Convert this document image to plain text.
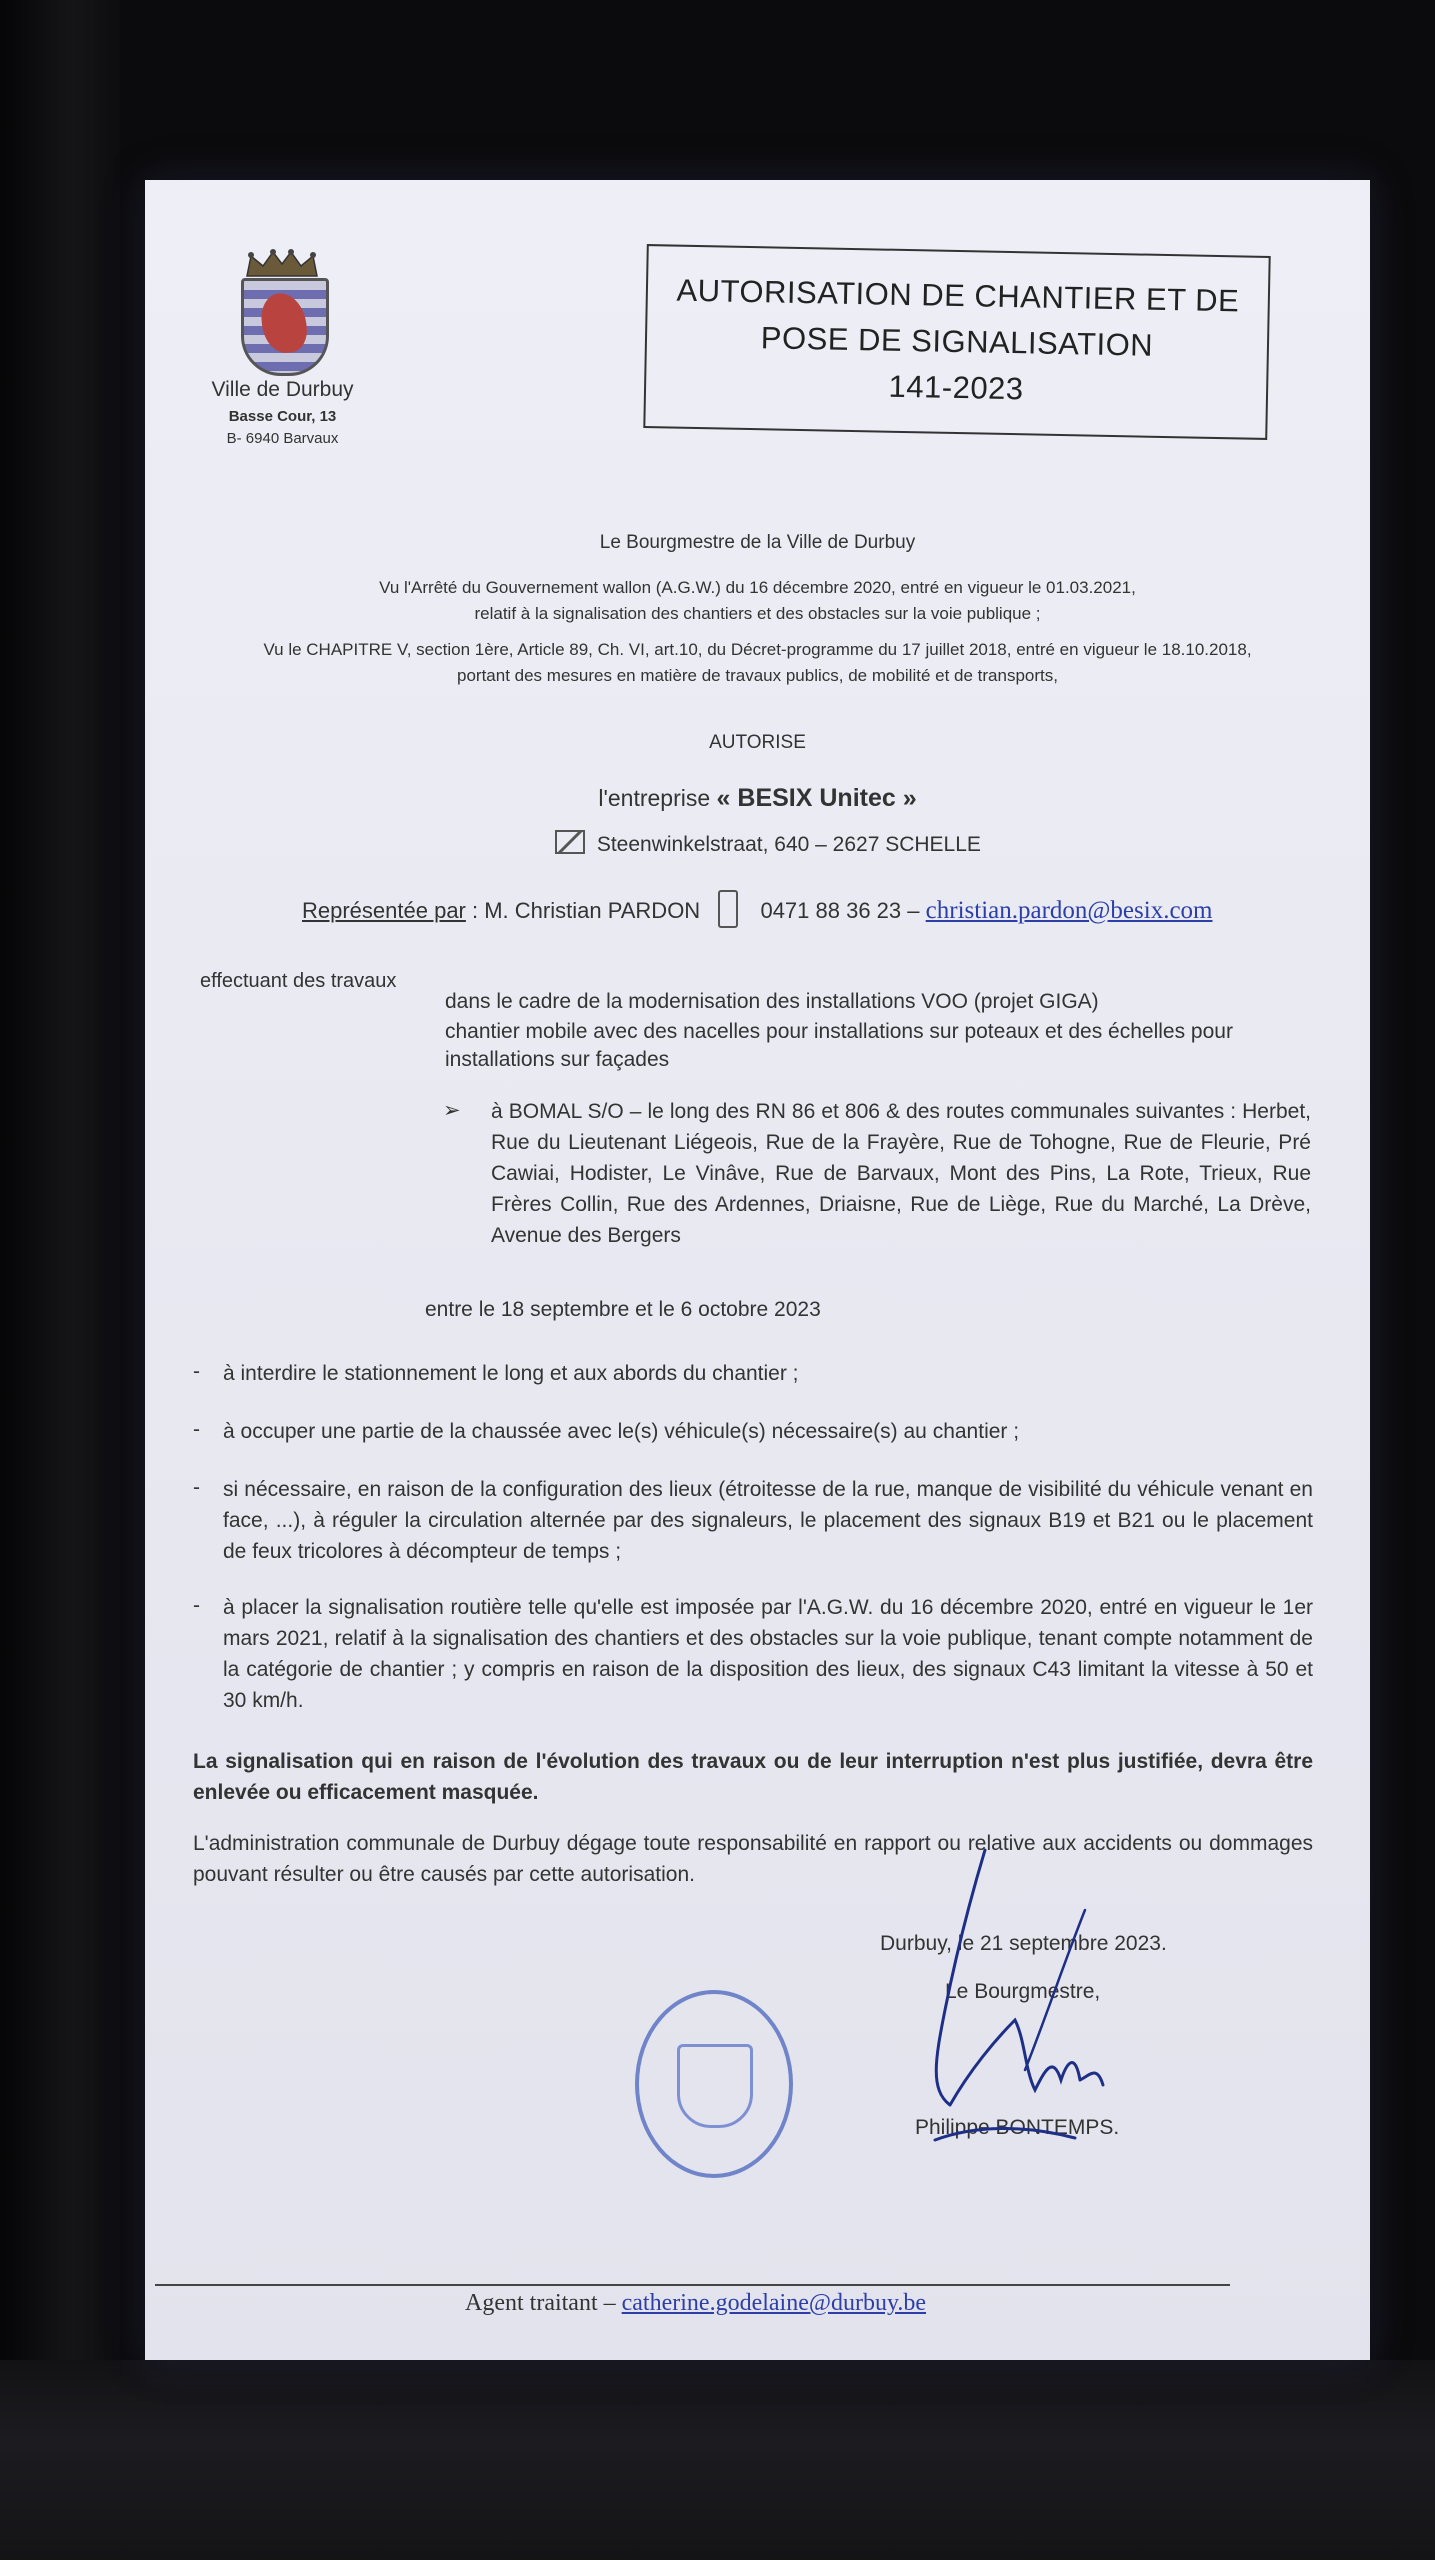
Ville de Durbuy
Basse Cour, 13
B- 6940 Barvaux
AUTORISATION DE CHANTIER ET DE
POSE DE SIGNALISATION
141-2023
Le Bourgmestre de la Ville de Durbuy
Vu l'Arrêté du Gouvernement wallon (A.G.W.) du 16 décembre 2020, entré en vigueur le 01.03.2021,
relatif à la signalisation des chantiers et des obstacles sur la voie publique ;
Vu le CHAPITRE V, section 1ère, Article 89, Ch. VI, art.10, du Décret-programme du 17 juillet 2018, entré en vigueur le 18.10.2018,
portant des mesures en matière de travaux publics, de mobilité et de transports,
AUTORISE
l'entreprise « BESIX Unitec »
Steenwinkelstraat, 640 – 2627 SCHELLE
Représentée par : M. Christian PARDON	0471 88 36 23 – christian.pardon@besix.com
effectuant des travaux
dans le cadre de la modernisation des installations VOO (projet GIGA)
chantier mobile avec des nacelles pour installations sur poteaux et des échelles pour
installations sur façades
➢ à BOMAL S/O – le long des RN 86 et 806 & des routes communales suivantes : Herbet, Rue du Lieutenant Liégeois, Rue de la Frayère, Rue de Tohogne, Rue de Fleurie, Pré Cawiai, Hodister, Le Vinâve, Rue de Barvaux, Mont des Pins, La Rote, Trieux, Rue Frères Collin, Rue des Ardennes, Driaisne, Rue de Liège, Rue du Marché, La Drève, Avenue des Bergers
entre le 18 septembre et le 6 octobre 2023
- à interdire le stationnement le long et aux abords du chantier ;
- à occuper une partie de la chaussée avec le(s) véhicule(s) nécessaire(s) au chantier ;
- si nécessaire, en raison de la configuration des lieux (étroitesse de la rue, manque de visibilité du véhicule venant en face, ...), à réguler la circulation alternée par des signaleurs, le placement des signaux B19 et B21 ou le placement de feux tricolores à décompteur de temps ;
- à placer la signalisation routière telle qu'elle est imposée par l'A.G.W. du 16 décembre 2020, entré en vigueur le 1er mars 2021, relatif à la signalisation des chantiers et des obstacles sur la voie publique, tenant compte notamment de la catégorie de chantier ; y compris en raison de la disposition des lieux, des signaux C43 limitant la vitesse à 50 et 30 km/h.
La signalisation qui en raison de l'évolution des travaux ou de leur interruption n'est plus justifiée, devra être enlevée ou efficacement masquée.
L'administration communale de Durbuy dégage toute responsabilité en rapport ou relative aux accidents ou dommages pouvant résulter ou être causés par cette autorisation.
Durbuy, le 21 septembre 2023.
Le Bourgmestre,
Philippe BONTEMPS.
Agent traitant – catherine.godelaine@durbuy.be
